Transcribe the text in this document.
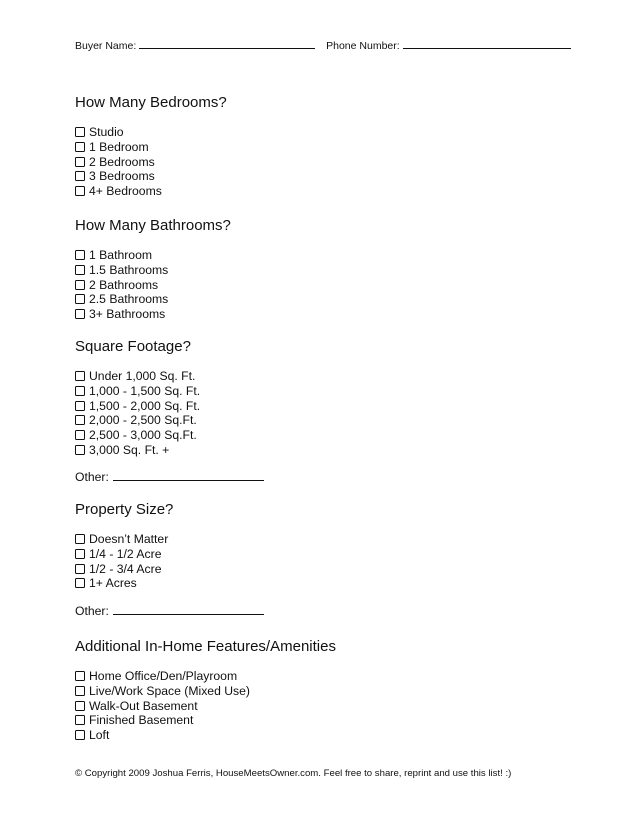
Buyer Name:	Phone Number:
How Many Bedrooms?
Studio
1 Bedroom
2 Bedrooms
3 Bedrooms
4+ Bedrooms
How Many Bathrooms?
1 Bathroom
1.5 Bathrooms
2 Bathrooms
2.5 Bathrooms
3+ Bathrooms
Square Footage?
Under 1,000 Sq. Ft.
1,000 - 1,500 Sq. Ft.
1,500 - 2,000 Sq. Ft.
2,000 - 2,500 Sq.Ft.
2,500 - 3,000 Sq.Ft.
3,000 Sq. Ft. +
Other:
Property Size?
Doesn’t Matter
1/4 - 1/2 Acre
1/2 - 3/4 Acre
1+ Acres
Other:
Additional In-Home Features/Amenities
Home Office/Den/Playroom
Live/Work Space (Mixed Use)
Walk-Out Basement
Finished Basement
Loft
© Copyright 2009 Joshua Ferris, HouseMeetsOwner.com. Feel free to share, reprint and use this list! :)
